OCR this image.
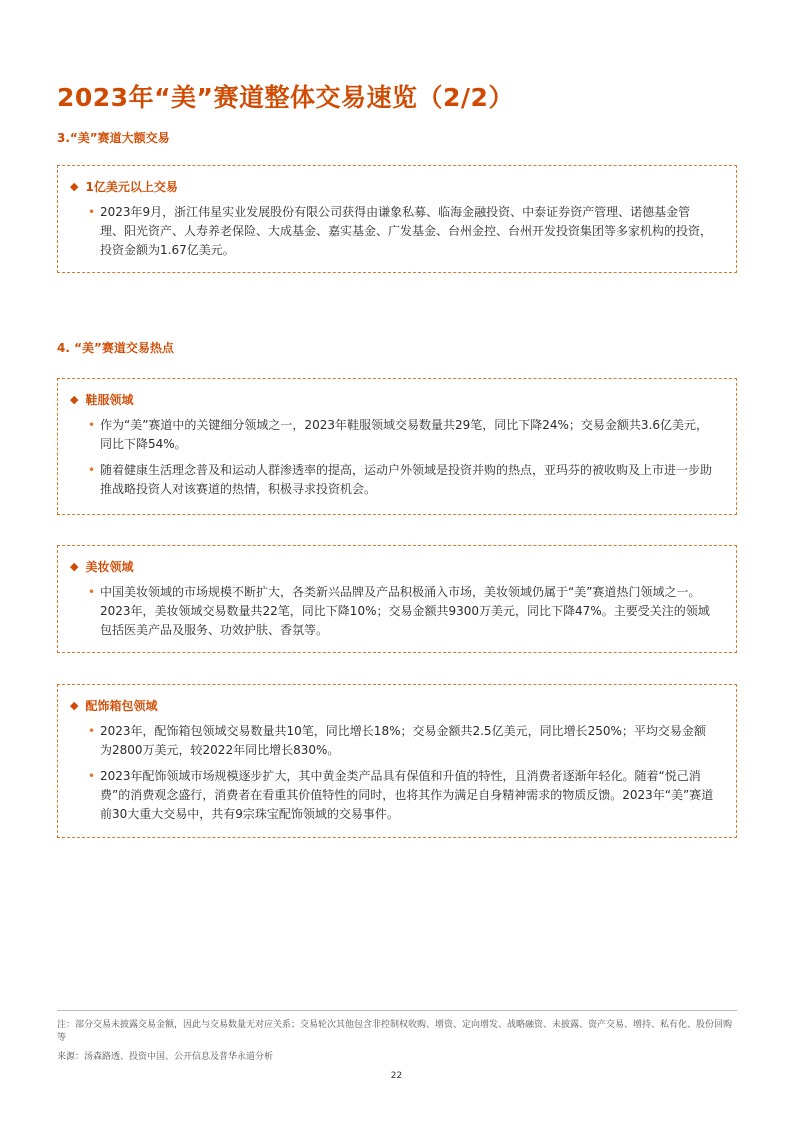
2023年“美”赛道整体交易速览（2/2）
3.“美”赛道大额交易
◆ 1亿美元以上交易
• 2023年9月，浙江伟星实业发展股份有限公司获得由谦象私募、临海金融投资、中泰证券资产管理、诺德基金管理、阳光资产、人寿养老保险、大成基金、嘉实基金、广发基金、台州金控、台州开发投资集团等多家机构的投资，投资金额为1.67亿美元。
4. “美”赛道交易热点
◆ 鞋服领域
• 作为“美”赛道中的关键细分领域之一，2023年鞋服领域交易数量共29笔，同比下降24%；交易金额共3.6亿美元，同比下降54%。
• 随着健康生活理念普及和运动人群渗透率的提高，运动户外领域是投资并购的热点，亚玛芬的被收购及上市进一步助推战略投资人对该赛道的热情，积极寻求投资机会。
◆ 美妆领域
• 中国美妆领域的市场规模不断扩大，各类新兴品牌及产品积极涌入市场，美妆领域仍属于“美”赛道热门领域之一。2023年，美妆领域交易数量共22笔，同比下降10%；交易金额共9300万美元，同比下降47%。主要受关注的领域包括医美产品及服务、功效护肤、香氛等。
◆ 配饰箱包领域
• 2023年，配饰箱包领域交易数量共10笔，同比增长18%；交易金额共2.5亿美元，同比增长250%；平均交易金额为2800万美元，较2022年同比增长830%。
• 2023年配饰领域市场规模逐步扩大，其中黄金类产品具有保值和升值的特性，且消费者逐渐年轻化。随着“悦己消费”的消费观念盛行，消费者在看重其价值特性的同时，也将其作为满足自身精神需求的物质反馈。2023年“美”赛道前30大重大交易中，共有9宗珠宝配饰领域的交易事件。
注：部分交易未披露交易金额，因此与交易数量无对应关系；交易轮次其他包含非控制权收购、增资、定向增发、战略融资、未披露、资产交易、增持、私有化、股份回购等
来源：汤森路透、投资中国、公开信息及普华永道分析
22
